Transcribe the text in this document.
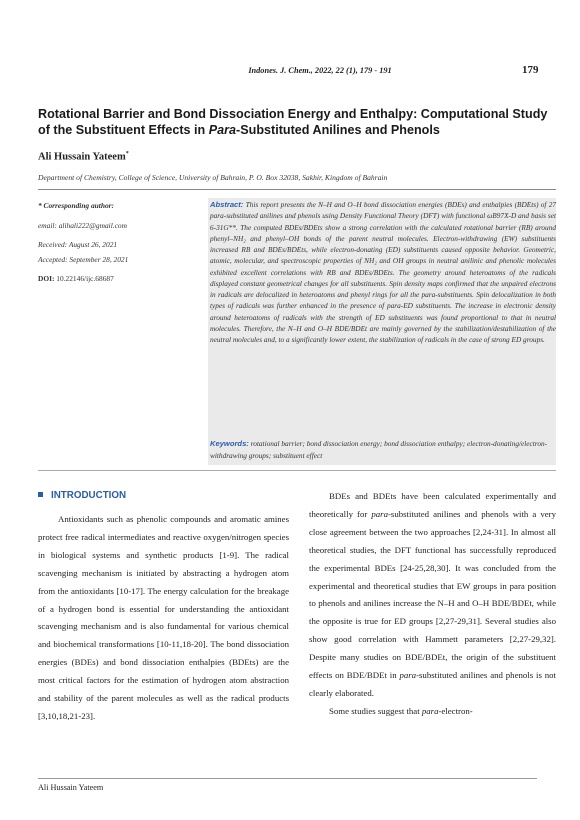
Indones. J. Chem., 2022, 22 (1), 179 - 191	179
Rotational Barrier and Bond Dissociation Energy and Enthalpy: Computational Study of the Substituent Effects in Para-Substituted Anilines and Phenols
Ali Hussain Yateem*
Department of Chemistry, College of Science, University of Bahrain, P. O. Box 32038, Sakhir, Kingdom of Bahrain
* Corresponding author:
email: alihali222@gmail.com
Received: August 26, 2021
Accepted: September 28, 2021
DOI: 10.22146/ijc.68687
Abstract: This report presents the N–H and O–H bond dissociation energies (BDEs) and enthalpies (BDEts) of 27 para-substituted anilines and phenols using Density Functional Theory (DFT) with functional ωB97X-D and basis set 6-31G**. The computed BDEs/BDEts show a strong correlation with the calculated rotational barrier (RB) around phenyl–NH₂ and phenyl–OH bonds of the parent neutral molecules. Electron-withdrawing (EW) substituents increased RB and BDEs/BDEts, while electron-donating (ED) substituents caused opposite behavior. Geometric, atomic, molecular, and spectroscopic properties of NH₂ and OH groups in neutral anilinic and phenolic molecules exhibited excellent correlations with RB and BDEs/BDEts. The geometry around heteroatoms of the radicals displayed constant geometrical changes for all substituents. Spin density maps confirmed that the unpaired electrons in radicals are delocalized in heteroatoms and phenyl rings for all the para-substituents. Spin delocalization in both types of radicals was further enhanced in the presence of para-ED substituents. The increase in electronic density around heteroatoms of radicals with the strength of ED substituents was found proportional to that in neutral molecules. Therefore, the N–H and O–H BDE/BDEt are mainly governed by the stabilization/destabilization of the neutral molecules and, to a significantly lower extent, the stabilization of radicals in the case of strong ED groups.
Keywords: rotational barrier; bond dissociation energy; bond dissociation enthalpy; electron-donating/electron-withdrawing groups; substituent effect
INTRODUCTION

Antioxidants such as phenolic compounds and aromatic amines protect free radical intermediates and reactive oxygen/nitrogen species in biological systems and synthetic products [1-9]. The radical scavenging mechanism is initiated by abstracting a hydrogen atom from the antioxidants [10-17]. The energy calculation for the breakage of a hydrogen bond is essential for understanding the antioxidant scavenging mechanism and is also fundamental for various chemical and biochemical transformations [10-11,18-20]. The bond dissociation energies (BDEs) and bond dissociation enthalpies (BDEts) are the most critical factors for the estimation of hydrogen atom abstraction and stability of the parent molecules as well as the radical products [3,10,18,21-23].

BDEs and BDEts have been calculated experimentally and theoretically for para-substituted anilines and phenols with a very close agreement between the two approaches [2,24-31]. In almost all theoretical studies, the DFT functional has successfully reproduced the experimental BDEs [24-25,28,30]. It was concluded from the experimental and theoretical studies that EW groups in para position to phenols and anilines increase the N–H and O–H BDE/BDEt, while the opposite is true for ED groups [2,27-29,31]. Several studies also show good correlation with Hammett parameters [2,27-29,32]. Despite many studies on BDE/BDEt, the origin of the substituent effects on BDE/BDEt in para-substituted anilines and phenols is not clearly elaborated.

Some studies suggest that para-electron-

Ali Hussain Yateem
